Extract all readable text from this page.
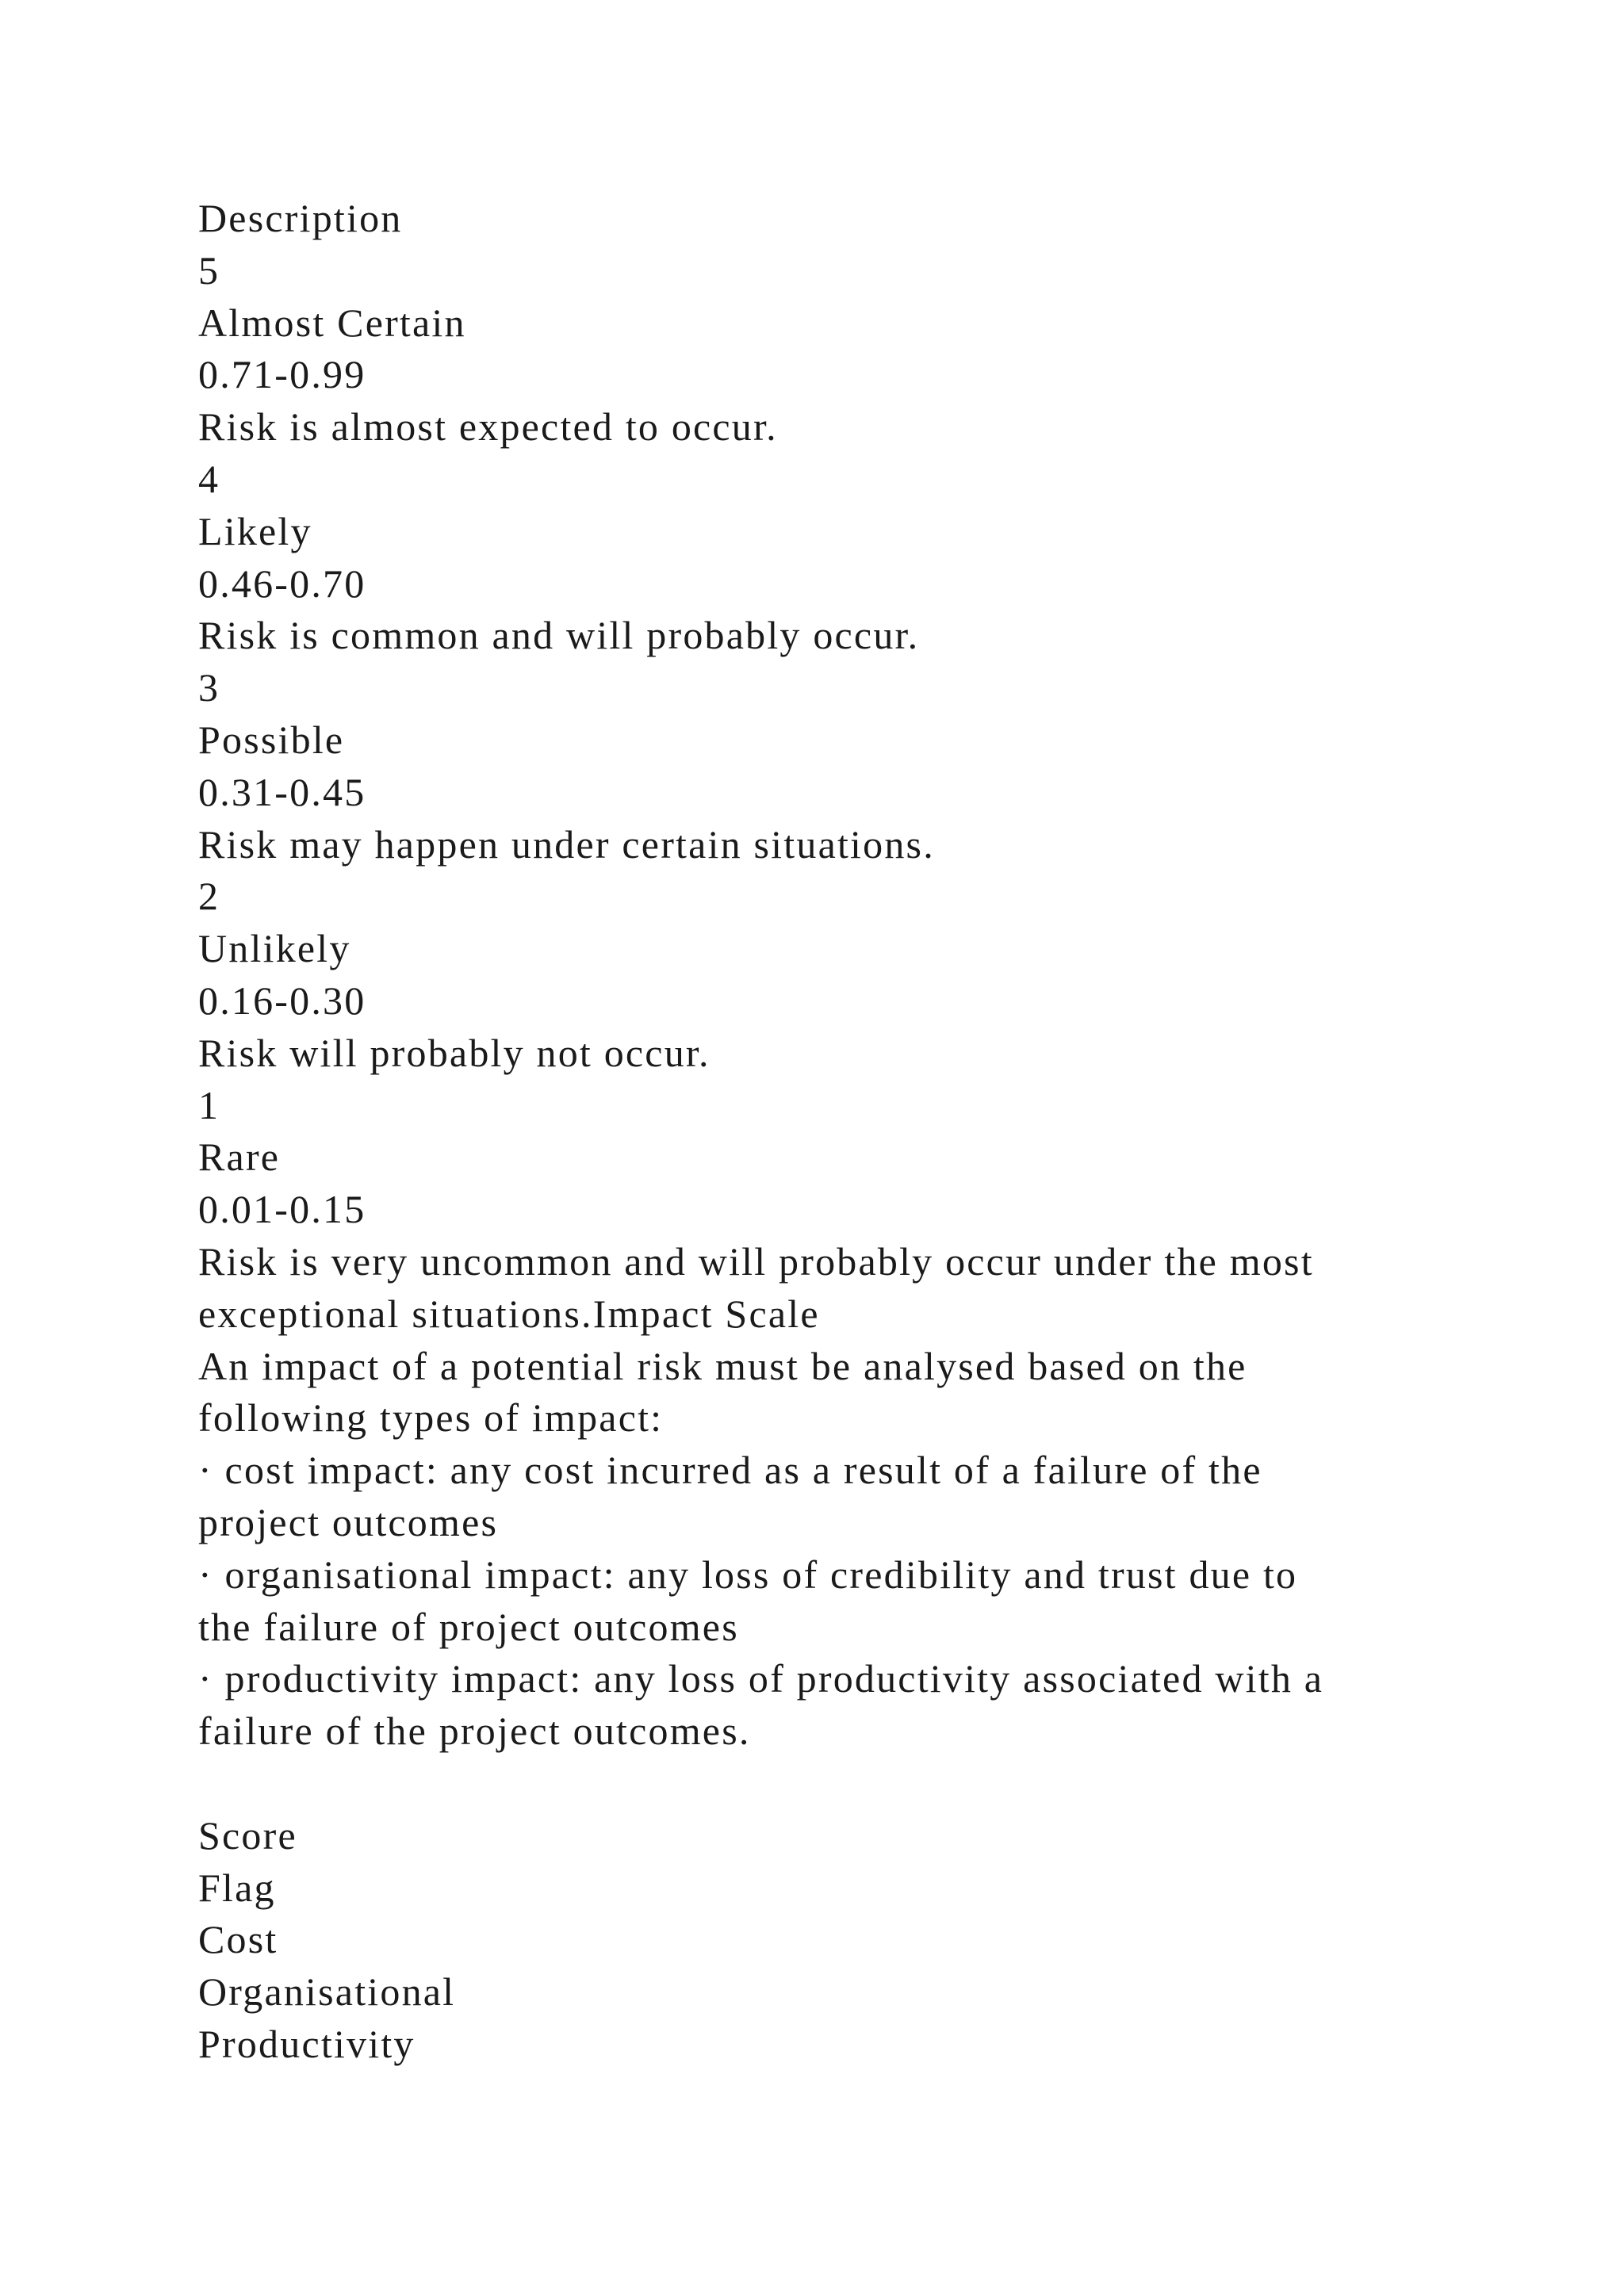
Description
5
Almost Certain
0.71-0.99
Risk is almost expected to occur.
4
Likely
0.46-0.70
Risk is common and will probably occur.
3
Possible
0.31-0.45
Risk may happen under certain situations.
2
Unlikely
0.16-0.30
Risk will probably not occur.
1
Rare
0.01-0.15
Risk is very uncommon and will probably occur under the most
exceptional situations.Impact Scale
An impact of a potential risk must be analysed based on the
following types of impact:
· cost impact: any cost incurred as a result of a failure of the
project outcomes
· organisational impact: any loss of credibility and trust due to
the failure of project outcomes
· productivity impact: any loss of productivity associated with a
failure of the project outcomes.
Score
Flag
Cost
Organisational
Productivity
